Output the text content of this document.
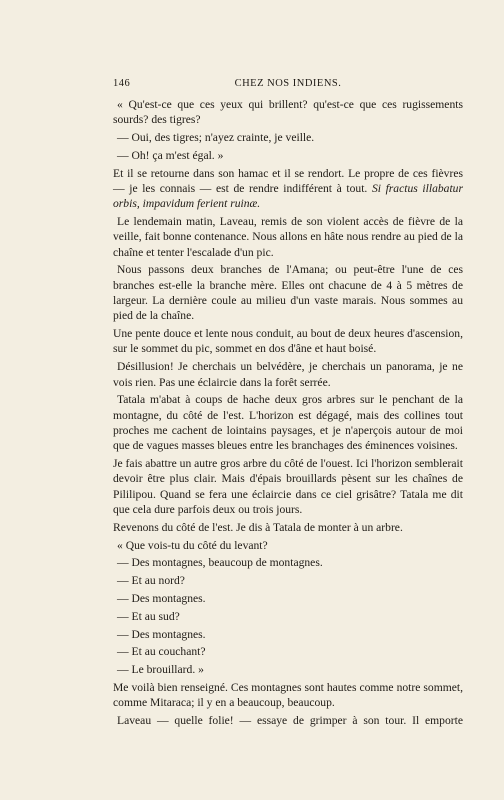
146	CHEZ NOS INDIENS.

« Qu'est-ce que ces yeux qui brillent? qu'est-ce que ces rugissements sourds? des tigres?

— Oui, des tigres; n'ayez crainte, je veille.

— Oh! ça m'est égal. »

Et il se retourne dans son hamac et il se rendort. Le propre de ces fièvres — je les connais — est de rendre indifférent à tout. Si fractus illabatur orbis, impavidum ferient ruinæ.

Le lendemain matin, Laveau, remis de son violent accès de fièvre de la veille, fait bonne contenance. Nous allons en hâte nous rendre au pied de la chaîne et tenter l'escalade d'un pic.

Nous passons deux branches de l'Amana; ou peut-être l'une de ces branches est-elle la branche mère. Elles ont chacune de 4 à 5 mètres de largeur. La dernière coule au milieu d'un vaste marais. Nous sommes au pied de la chaîne.

Une pente douce et lente nous conduit, au bout de deux heures d'ascension, sur le sommet du pic, sommet en dos d'âne et haut boisé.

Désillusion! Je cherchais un belvédère, je cherchais un panorama, je ne vois rien. Pas une éclaircie dans la forêt serrée.

Tatala m'abat à coups de hache deux gros arbres sur le penchant de la montagne, du côté de l'est. L'horizon est dégagé, mais des collines tout proches me cachent de lointains paysages, et je n'aperçois autour de moi que de vagues masses bleues entre les branchages des éminences voisines.

Je fais abattre un autre gros arbre du côté de l'ouest. Ici l'horizon semblerait devoir être plus clair. Mais d'épais brouillards pèsent sur les chaînes de Pililipou. Quand se fera une éclaircie dans ce ciel grisâtre? Tatala me dit que cela dure parfois deux ou trois jours.

Revenons du côté de l'est. Je dis à Tatala de monter à un arbre.

« Que vois-tu du côté du levant?

— Des montagnes, beaucoup de montagnes.

— Et au nord?

— Des montagnes.

— Et au sud?

— Des montagnes.

— Et au couchant?

— Le brouillard. »

Me voilà bien renseigné. Ces montagnes sont hautes comme notre sommet, comme Mitaraca; il y en a beaucoup, beaucoup.

Laveau — quelle folie! — essaye de grimper à son tour. Il emporte
